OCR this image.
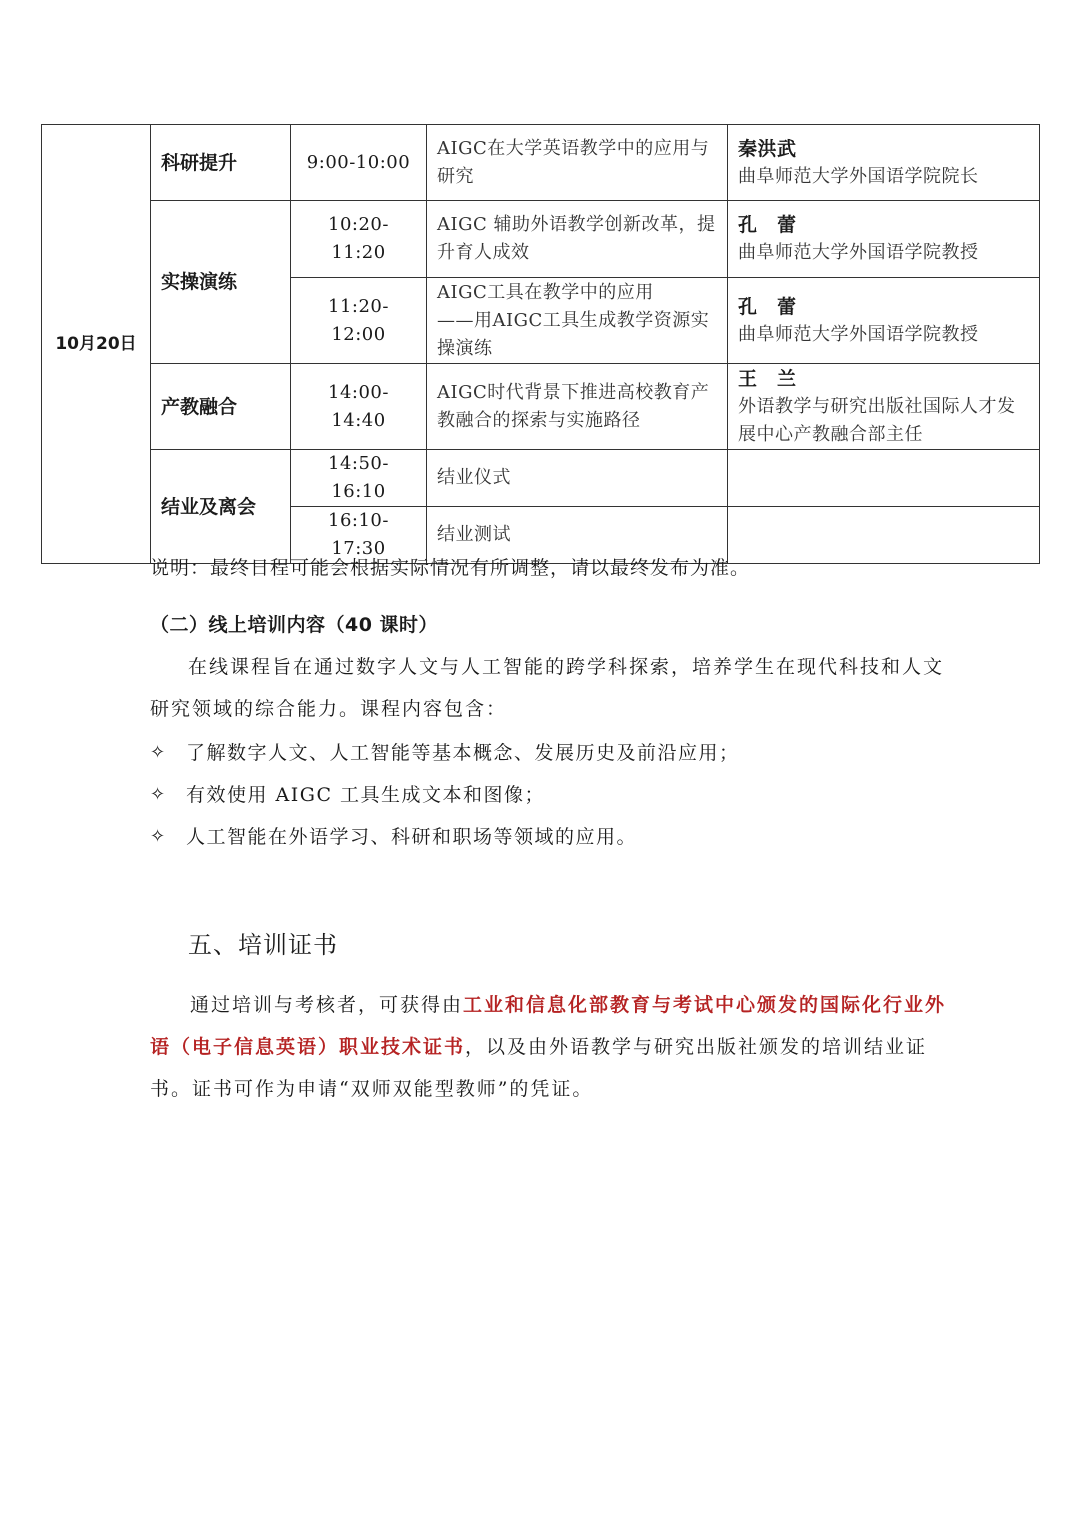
10月20日	科研提升	9:00-10:00	AIGC在大学英语教学中的应用与研究	秦洪武
曲阜师范大学外国语学院院长

	实操演练	10:20-11:20	AIGC 辅助外语教学创新改革，提升育人成效	孔　蕾
曲阜师范大学外国语学院教授

		11:20-12:00	AIGC工具在教学中的应用
——用AIGC工具生成教学资源实操演练	孔　蕾
曲阜师范大学外国语学院教授

	产教融合	14:00-14:40	AIGC时代背景下推进高校教育产教融合的探索与实施路径	王　兰
外语教学与研究出版社国际人才发展中心产教融合部主任

	结业及离会	14:50-16:10	结业仪式	
		16:10-17:30	结业测试	
说明：最终日程可能会根据实际情况有所调整，请以最终发布为准。
（二）线上培训内容（40 课时）
在线课程旨在通过数字人文与人工智能的跨学科探索，培养学生在现代科技和人文研究领域的综合能力。课程内容包含：
✧	了解数字人文、人工智能等基本概念、发展历史及前沿应用；
✧	有效使用 AIGC 工具生成文本和图像；
✧	人工智能在外语学习、科研和职场等领域的应用。
五、培训证书
通过培训与考核者，可获得由工业和信息化部教育与考试中心颁发的国际化行业外语（电子信息英语）职业技术证书，以及由外语教学与研究出版社颁发的培训结业证书。证书可作为申请“双师双能型教师”的凭证。
